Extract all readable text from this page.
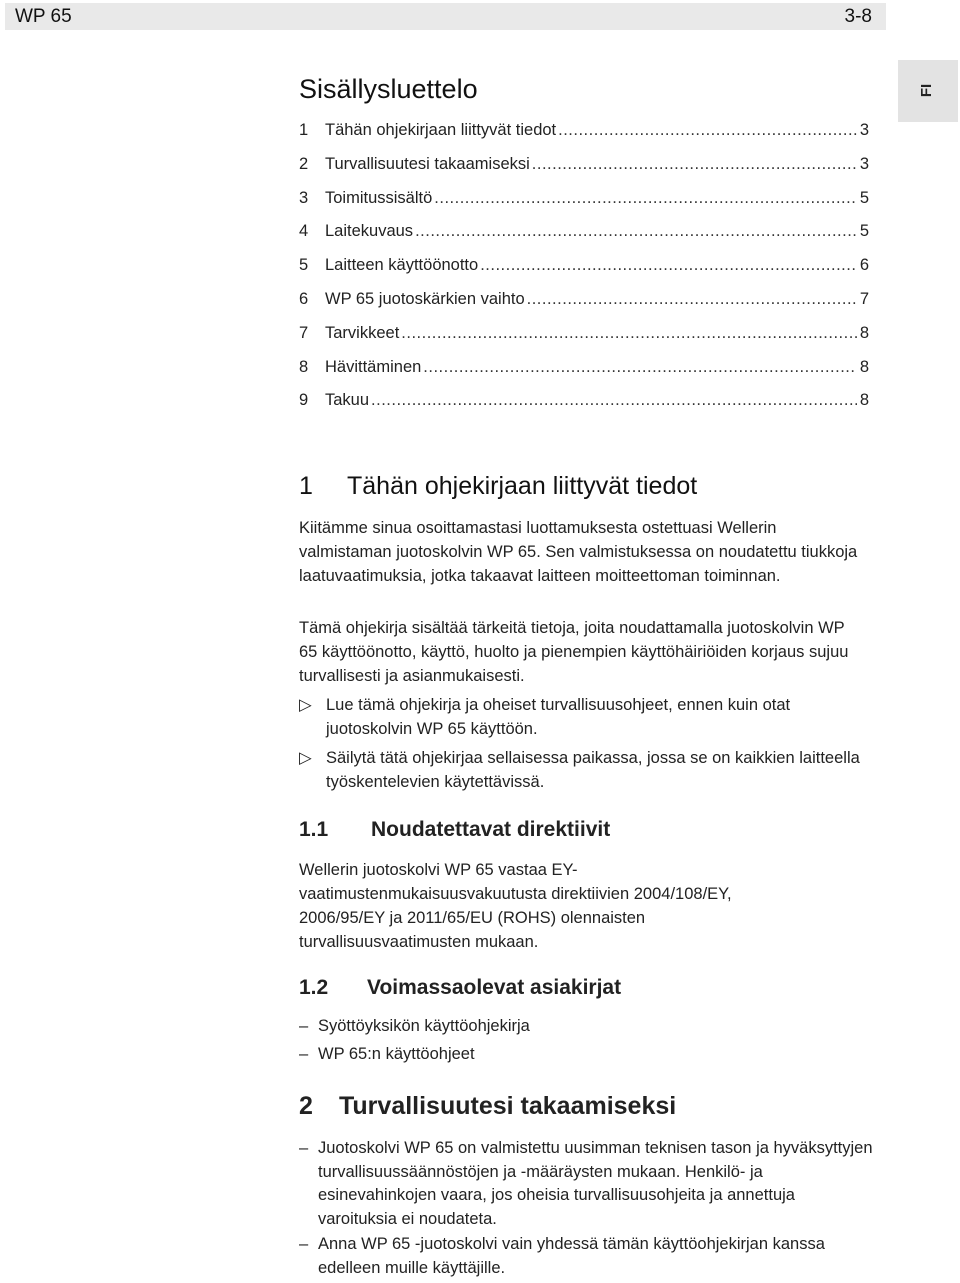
WP 65	3-8
FI
Sisällysluettelo
1	Tähän ohjekirjaan liittyvät tiedot .....	3
2	Turvallisuutesi takaamiseksi .....	3
3	Toimitussisältö .....	5
4	Laitekuvaus .....	5
5	Laitteen käyttöönotto .....	6
6	WP 65 juotoskärkien vaihto .....	7
7	Tarvikkeet .....	8
8	Hävittäminen .....	8
9	Takuu .....	8
1 Tähän ohjekirjaan liittyvät tiedot

Kiitämme sinua osoittamastasi luottamuksesta ostettuasi Wellerin valmistaman juotoskolvin WP 65. Sen valmistuksessa on noudatettu tiukkoja laatuvaatimuksia, jotka takaavat laitteen moitteettoman toiminnan.

Tämä ohjekirja sisältää tärkeitä tietoja, joita noudattamalla juotoskolvin WP 65 käyttöönotto, käyttö, huolto ja pienempien käyttöhäiriöiden korjaus sujuu turvallisesti ja asianmukaisesti.

▷ Lue tämä ohjekirja ja oheiset turvallisuusohjeet, ennen kuin otat juotoskolvin WP 65 käyttöön.
▷ Säilytä tätä ohjekirjaa sellaisessa paikassa, jossa se on kaikkien laitteella työskentelevien käytettävissä.
1.1 Noudatettavat direktiivit

Wellerin juotoskolvi WP 65 vastaa EY-vaatimustenmukaisuusvakuutusta direktiivien 2004/108/EY, 2006/95/EY ja 2011/65/EU (ROHS) olennaisten turvallisuusvaatimusten mukaan.

1.2 Voimassaolevat asiakirjat
– Syöttöyksikön käyttöohjekirja
– WP 65:n käyttöohjeet
2 Turvallisuutesi takaamiseksi
– Juotoskolvi WP 65 on valmistettu uusimman teknisen tason ja hyväksyttyjen turvallisuussäännöstöjen ja -määräysten mukaan. Henkilö- ja esinevahinkojen vaara, jos oheisia turvallisuusohjeita ja annettuja varoituksia ei noudateta.
– Anna WP 65 -juotoskolvi vain yhdessä tämän käyttöohjekirjan kanssa edelleen muille käyttäjille.
